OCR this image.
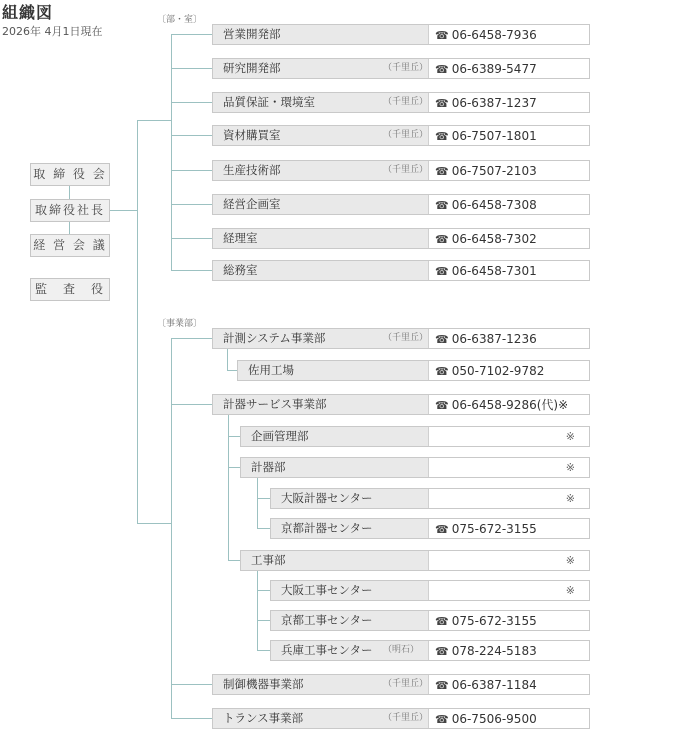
組織図
2026年 4月1日現在
〔部・室〕
〔事業部〕
取 締 役 会
取締役社長
経 営 会 議
監　査　役
営業開発部	☎ 06-6458-7936
研究開発部	（千里丘） ☎ 06-6389-5477
品質保証・環境室	（千里丘） ☎ 06-6387-1237
資材購買室	（千里丘） ☎ 06-7507-1801
生産技術部	（千里丘） ☎ 06-7507-2103
経営企画室	☎ 06-6458-7308
経理室	☎ 06-6458-7302
総務室	☎ 06-6458-7301
計測システム事業部	（千里丘） ☎ 06-6387-1236
佐用工場	☎ 050-7102-9782
計器サービス事業部	☎ 06-6458-9286(代)※
企画管理部	※
計器部	※
大阪計器センター	※
京都計器センター	☎ 075-672-3155
工事部	※
大阪工事センター	※
京都工事センター	☎ 075-672-3155
兵庫工事センター	（明石） ☎ 078-224-5183
制御機器事業部	（千里丘） ☎ 06-6387-1184
トランス事業部	（千里丘） ☎ 06-7506-9500
